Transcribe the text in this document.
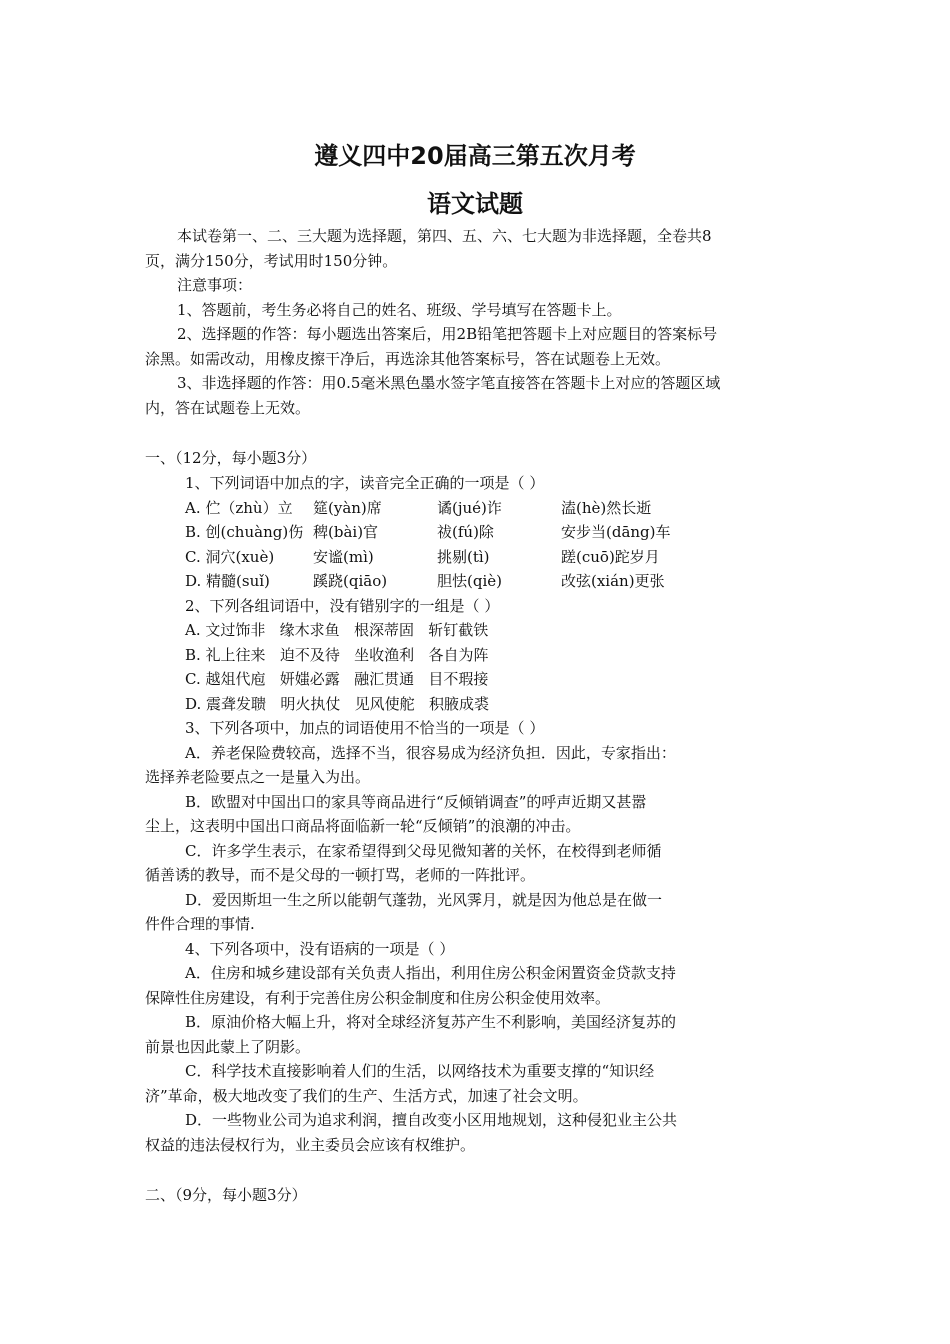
遵义四中20届高三第五次月考
语文试题
本试卷第一、二、三大题为选择题，第四、五、六、七大题为非选择题，全卷共8
页，满分150分，考试用时150分钟。
注意事项：
1、答题前，考生务必将自己的姓名、班级、学号填写在答题卡上。
2、选择题的作答：每小题选出答案后，用2B铅笔把答题卡上对应题目的答案标号
涂黑。如需改动，用橡皮擦干净后，再选涂其他答案标号，答在试题卷上无效。
3、非选择题的作答：用0.5毫米黑色墨水签字笔直接答在答题卡上对应的答题区域
内，答在试题卷上无效。
一、（12分，每小题3分）
1、下列词语中加点的字，读音完全正确的一项是（ ）
A. 伫（zhù）立	筵(yàn)席	谲(jué)诈	溘(hè)然长逝
B. 创(chuàng)伤 稗(bài)官	祓(fú)除	安步当(dāng)车
C. 洞穴(xuè)	安谧(mì)	挑剔(tì)	蹉(cuō)跎岁月
D. 精髓(suǐ)	蹊跷(qiāo)	胆怯(qiè)	改弦(xián)更张
2、下列各组词语中，没有错别字的一组是（ ）
A. 文过饰非   缘木求鱼   根深蒂固   斩钉截铁
B. 礼上往来   迫不及待   坐收渔利   各自为阵
C. 越俎代庖   妍媸必露   融汇贯通   目不瑕接
D. 震聋发聩   明火执仗   见风使舵   积腋成裘
3、下列各项中，加点的词语使用不恰当的一项是（ ）
A．养老保险费较高，选择不当，很容易成为经济负担．因此，专家指出：
选择养老险要点之一是量入为出。
B．欧盟对中国出口的家具等商品进行“反倾销调查”的呼声近期又甚嚣
尘上，这表明中国出口商品将面临新一轮“反倾销”的浪潮的冲击。
C．许多学生表示，在家希望得到父母见微知著的关怀，在校得到老师循
循善诱的教导，而不是父母的一顿打骂，老师的一阵批评。
D．爱因斯坦一生之所以能朝气蓬勃，光风霁月，就是因为他总是在做一
件件合理的事情.
4、下列各项中，没有语病的一项是（ ）
A．住房和城乡建设部有关负责人指出，利用住房公积金闲置资金贷款支持
保障性住房建设，有利于完善住房公积金制度和住房公积金使用效率。
B．原油价格大幅上升，将对全球经济复苏产生不利影响，美国经济复苏的
前景也因此蒙上了阴影。
C．科学技术直接影响着人们的生活，以网络技术为重要支撑的“知识经
济”革命，极大地改变了我们的生产、生活方式，加速了社会文明。
D．一些物业公司为追求利润，擅自改变小区用地规划，这种侵犯业主公共
权益的违法侵权行为，业主委员会应该有权维护。
二、（9分，每小题3分）
